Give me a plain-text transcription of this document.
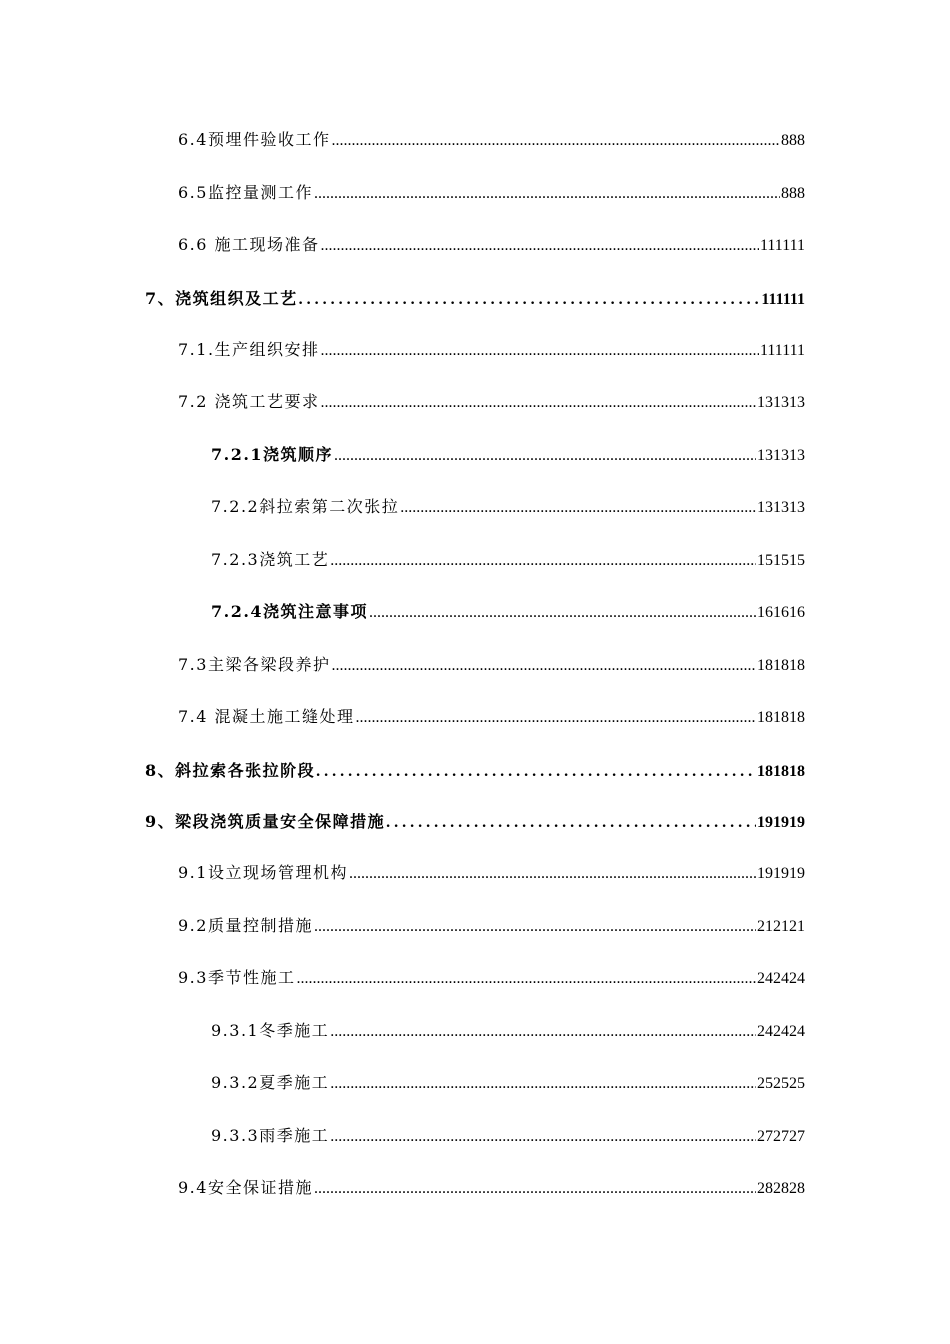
6.4预埋件验收工作 .....	888
6.5监控量测工作 .....	888
6.6 施工现场准备 .....	111111
7、浇筑组织及工艺 . . .	111111
7.1.生产组织安排 .....	111111
7.2 浇筑工艺要求 .....	131313
7.2.1浇筑顺序 .....	131313
7.2.2斜拉索第二次张拉 .....	131313
7.2.3浇筑工艺 .....	151515
7.2.4浇筑注意事项 .....	161616
7.3主梁各梁段养护 .....	181818
7.4 混凝土施工缝处理 .....	181818
8、斜拉索各张拉阶段 . . .	181818
9、梁段浇筑质量安全保障措施 . . .	191919
9.1设立现场管理机构 .....	191919
9.2质量控制措施 .....	212121
9.3季节性施工 .....	242424
9.3.1冬季施工 .....	242424
9.3.2夏季施工 .....	252525
9.3.3雨季施工 .....	272727
9.4安全保证措施 .....	282828
